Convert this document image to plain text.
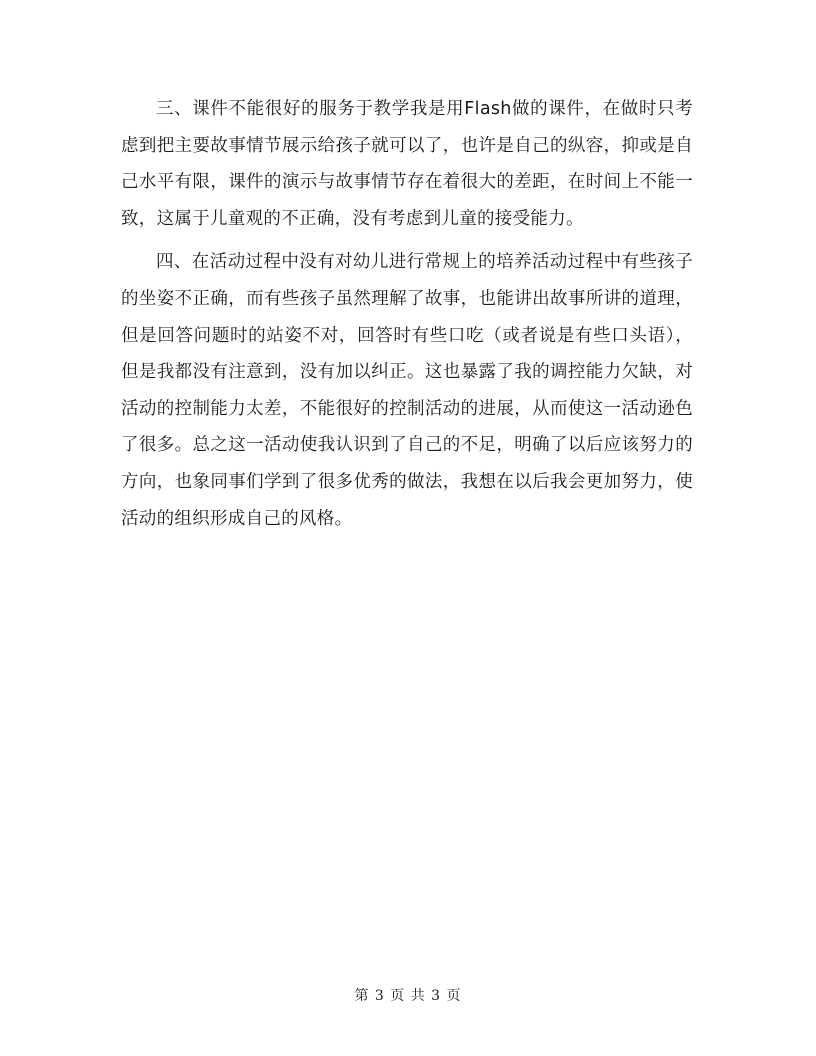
三、课件不能很好的服务于教学我是用Flash做的课件，在做时只考虑到把主要故事情节展示给孩子就可以了，也许是自己的纵容，抑或是自己水平有限，课件的演示与故事情节存在着很大的差距，在时间上不能一致，这属于儿童观的不正确，没有考虑到儿童的接受能力。

四、在活动过程中没有对幼儿进行常规上的培养活动过程中有些孩子的坐姿不正确，而有些孩子虽然理解了故事，也能讲出故事所讲的道理，但是回答问题时的站姿不对，回答时有些口吃（或者说是有些口头语），但是我都没有注意到，没有加以纠正。这也暴露了我的调控能力欠缺，对活动的控制能力太差，不能很好的控制活动的进展，从而使这一活动逊色了很多。总之这一活动使我认识到了自己的不足，明确了以后应该努力的方向，也象同事们学到了很多优秀的做法，我想在以后我会更加努力，使活动的组织形成自己的风格。

第 3 页 共 3 页
